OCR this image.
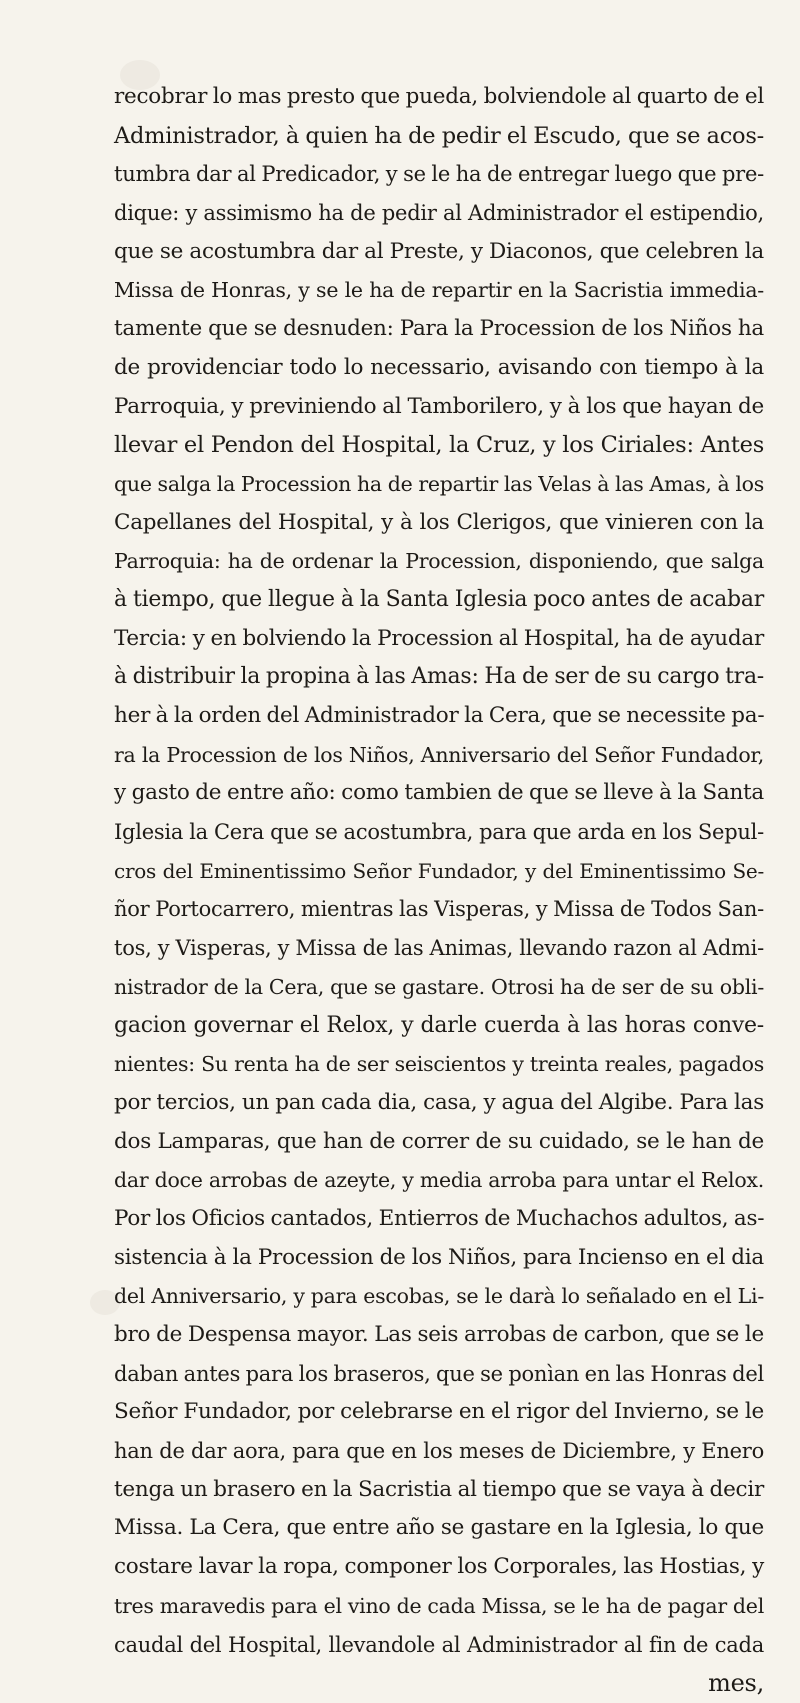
recobrar lo mas presto que pueda, bolviendole al quarto de el
Administrador, à quien ha de pedir el Escudo, que se acos-
tumbra dar al Predicador, y se le ha de entregar luego que pre-
dique: y assimismo ha de pedir al Administrador el estipendio,
que se acostumbra dar al Preste, y Diaconos, que celebren la
Missa de Honras, y se le ha de repartir en la Sacristia immedia-
tamente que se desnuden: Para la Procession de los Niños ha
de providenciar todo lo necessario, avisando con tiempo à la
Parroquia, y previniendo al Tamborilero, y à los que hayan de
llevar el Pendon del Hospital, la Cruz, y los Ciriales: Antes
que salga la Procession ha de repartir las Velas à las Amas, à los
Capellanes del Hospital, y à los Clerigos, que vinieren con la
Parroquia: ha de ordenar la Procession, disponiendo, que salga
à tiempo, que llegue à la Santa Iglesia poco antes de acabar
Tercia: y en bolviendo la Procession al Hospital, ha de ayudar
à distribuir la propina à las Amas: Ha de ser de su cargo tra-
her à la orden del Administrador la Cera, que se necessite pa-
ra la Procession de los Niños, Anniversario del Señor Fundador,
y gasto de entre año: como tambien de que se lleve à la Santa
Iglesia la Cera que se acostumbra, para que arda en los Sepul-
cros del Eminentissimo Señor Fundador, y del Eminentissimo Se-
ñor Portocarrero, mientras las Visperas, y Missa de Todos San-
tos, y Visperas, y Missa de las Animas, llevando razon al Admi-
nistrador de la Cera, que se gastare. Otrosi ha de ser de su obli-
gacion governar el Relox, y darle cuerda à las horas conve-
nientes: Su renta ha de ser seiscientos y treinta reales, pagados
por tercios, un pan cada dia, casa, y agua del Algibe. Para las
dos Lamparas, que han de correr de su cuidado, se le han de
dar doce arrobas de azeyte, y media arroba para untar el Relox.
Por los Oficios cantados, Entierros de Muchachos adultos, as-
sistencia à la Procession de los Niños, para Incienso en el dia
del Anniversario, y para escobas, se le darà lo señalado en el Li-
bro de Despensa mayor. Las seis arrobas de carbon, que se le
daban antes para los braseros, que se ponìan en las Honras del
Señor Fundador, por celebrarse en el rigor del Invierno, se le
han de dar aora, para que en los meses de Diciembre, y Enero
tenga un brasero en la Sacristia al tiempo que se vaya à decir
Missa. La Cera, que entre año se gastare en la Iglesia, lo que
costare lavar la ropa, componer los Corporales, las Hostias, y
tres maravedis para el vino de cada Missa, se le ha de pagar del
caudal del Hospital, llevandole al Administrador al fin de cada
mes,
